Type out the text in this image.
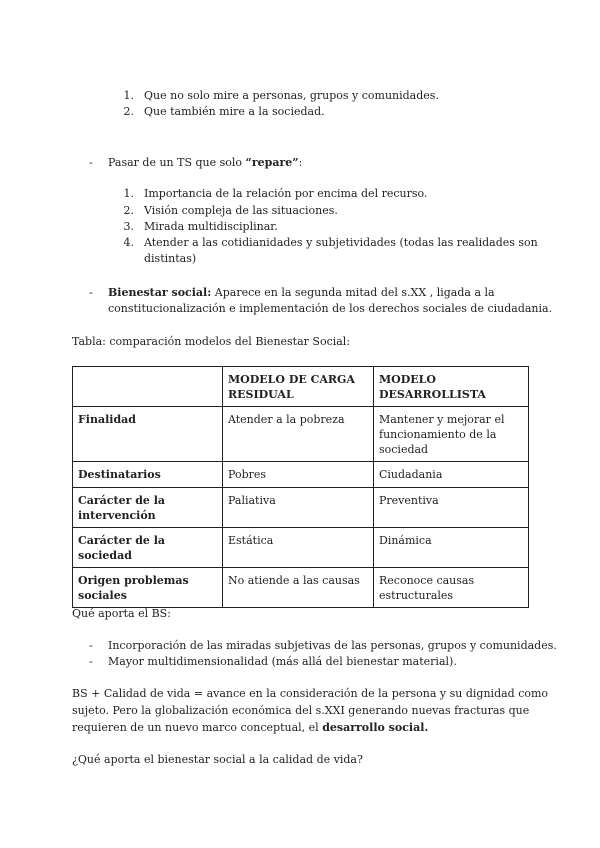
1. Que no solo mire a personas, grupos y comunidades.
2. Que también mire a la sociedad.
- Pasar de un TS que solo “repare”:
1. Importancia de la relación por encima del recurso.
2. Visión compleja de las situaciones.
3. Mirada multidisciplinar.
4. Atender a las cotidianidades y subjetividades (todas las realidades son
distintas)
- Bienestar social: Aparece en la segunda mitad del s.XX , ligada a la
constitucionalización e implementación de los derechos sociales de ciudadania.
Tabla: comparación modelos del Bienestar Social:
	MODELO DE CARGA RESIDUAL	MODELO DESARROLLISTA
Finalidad	Atender a la pobreza	Mantener y mejorar el funcionamiento de la sociedad
Destinatarios	Pobres	Ciudadania
Carácter de la intervención	Paliativa	Preventiva
Carácter de la sociedad	Estática	Dinámica
Origen problemas sociales	No atiende a las causas	Reconoce causas estructurales
Qué aporta el BS:
- Incorporación de las miradas subjetivas de las personas, grupos y comunidades.
- Mayor multidimensionalidad (más allá del bienestar material).
BS + Calidad de vida = avance en la consideración de la persona y su dignidad como
sujeto. Pero la globalización económica del s.XXI generando nuevas fracturas que
requieren de un nuevo marco conceptual, el desarrollo social.
¿Qué aporta el bienestar social a la calidad de vida?
